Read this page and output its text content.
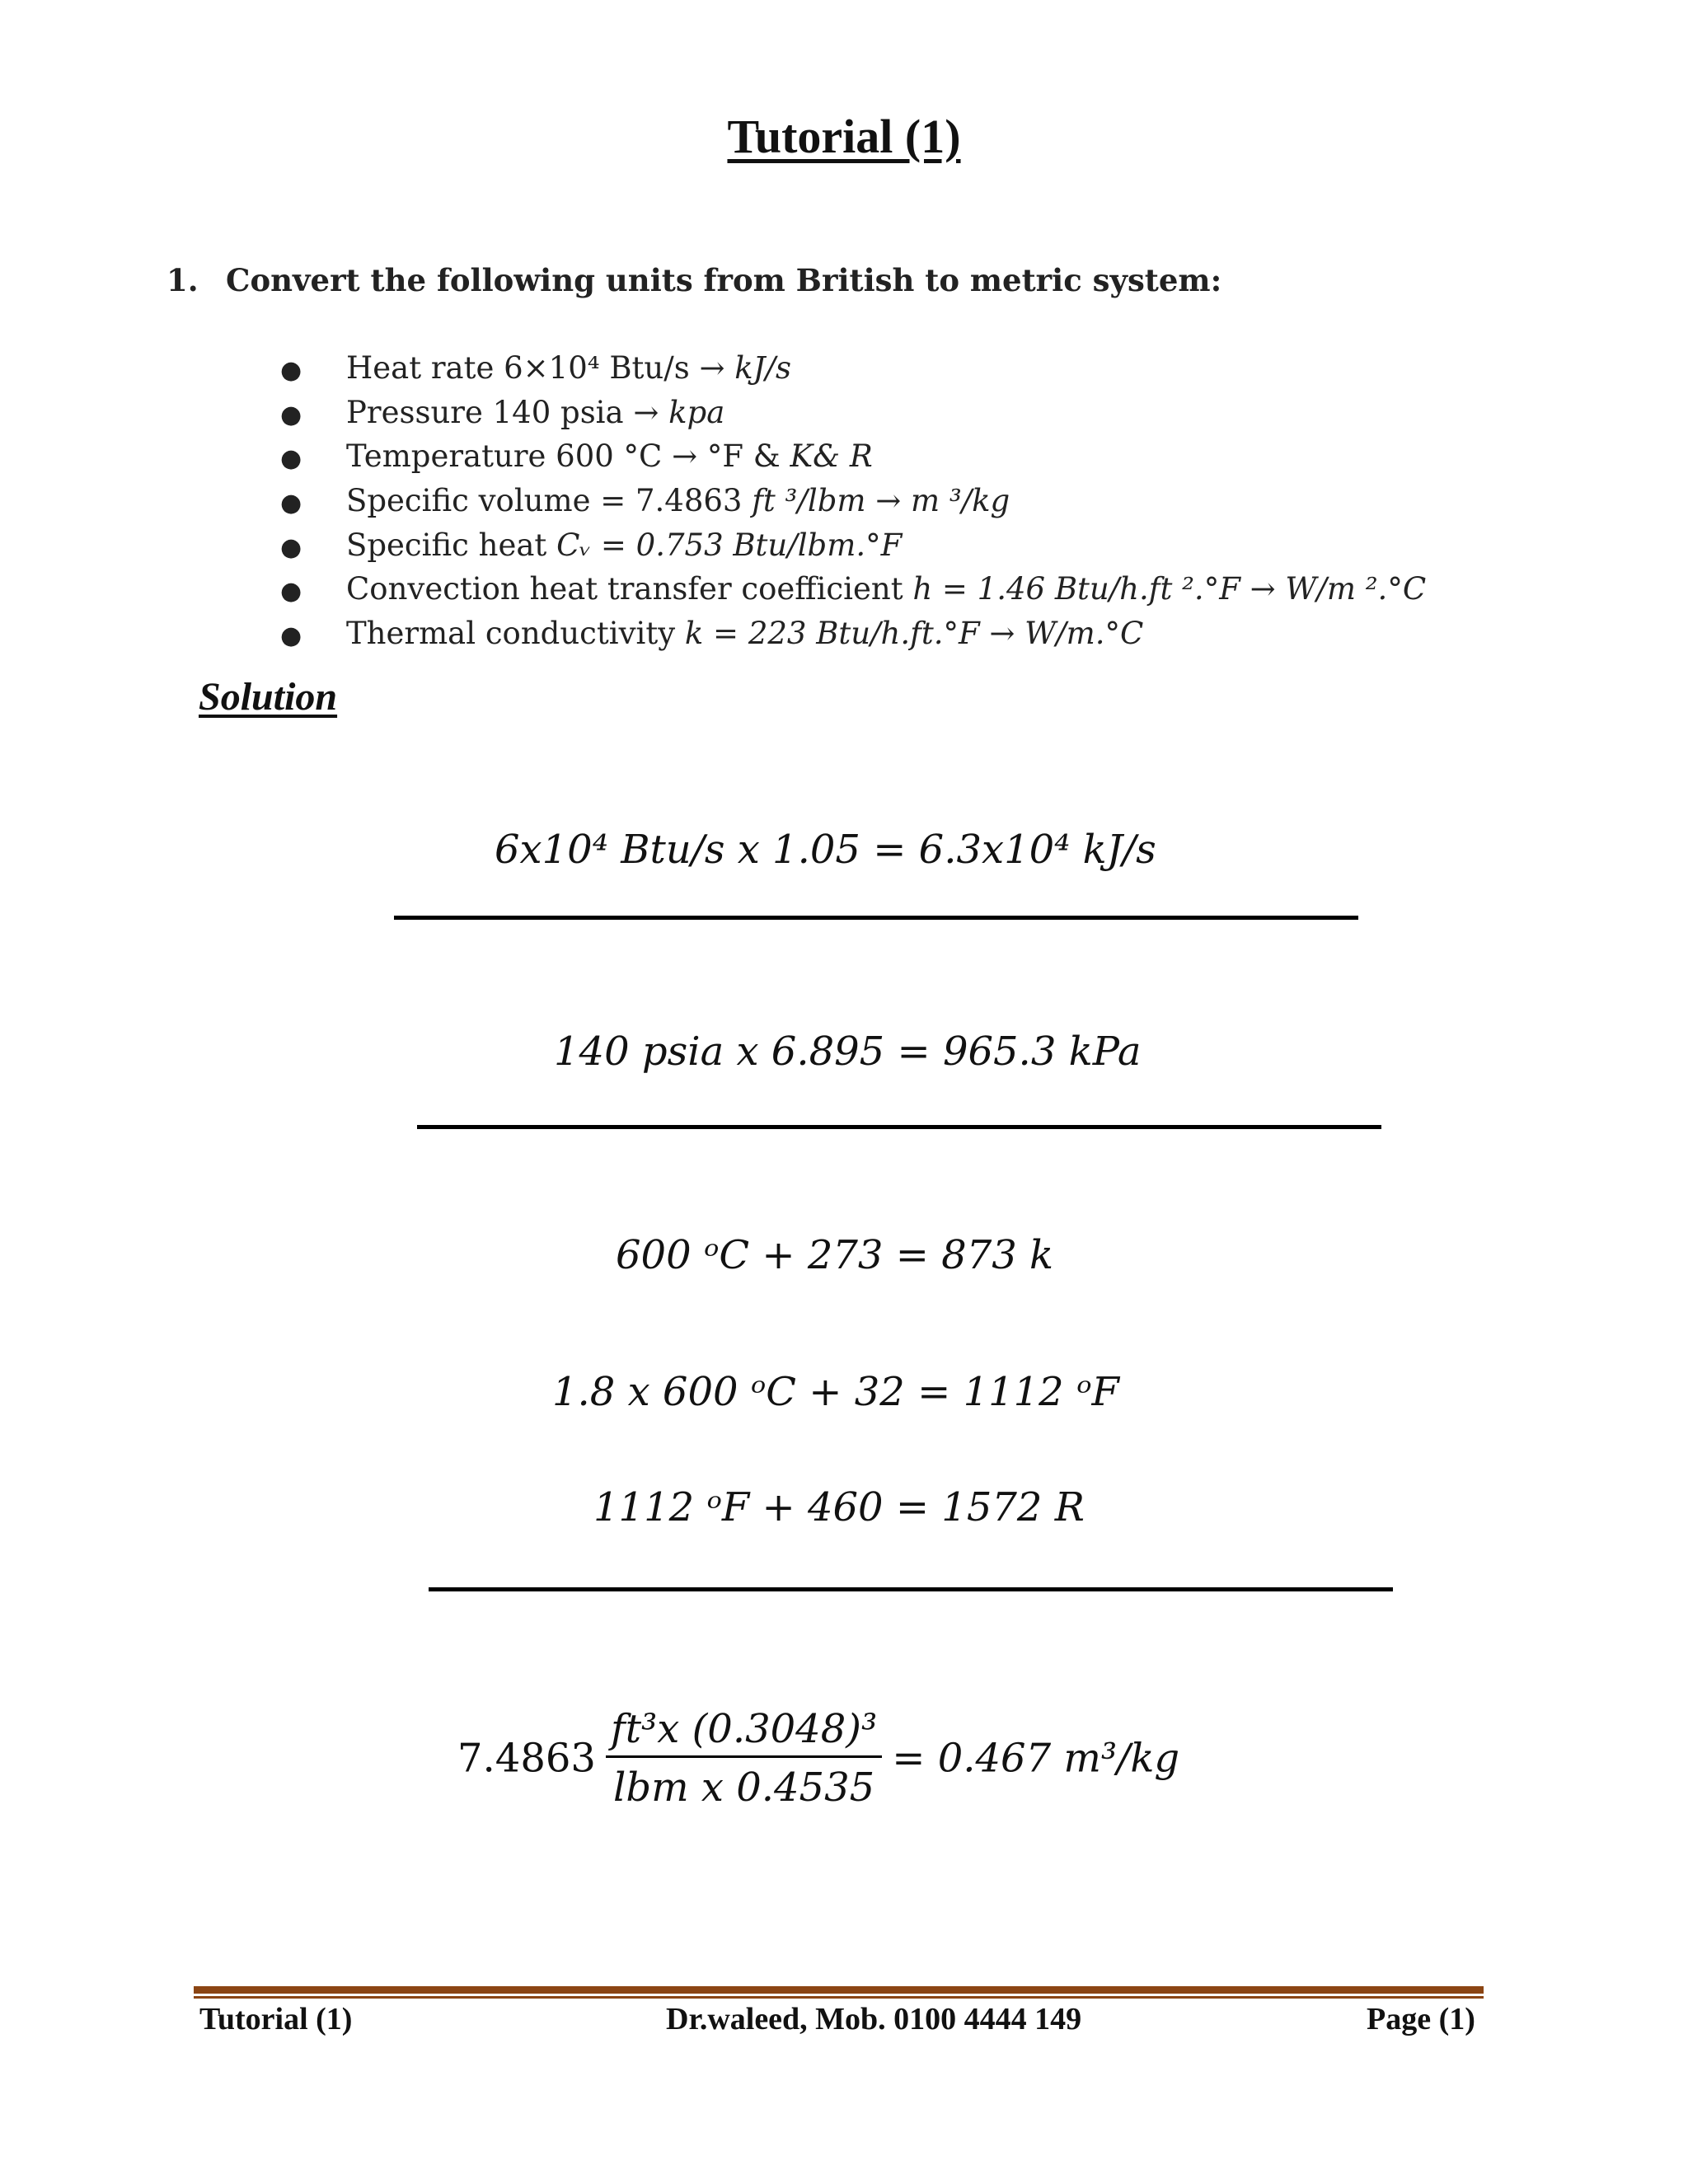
Tutorial (1)
1. Convert the following units from British to metric system:
● Heat rate 6×10⁴ Btu/s → kJ/s
● Pressure 140 psia → kpa
● Temperature 600 °C → °F & K& R
● Specific volume = 7.4863 ft ³/lbm → m ³/kg
● Specific heat Cᵥ = 0.753 Btu/lbm.°F
● Convection heat transfer coefficient h = 1.46 Btu/h.ft ².°F → W/m ².°C
● Thermal conductivity k = 223 Btu/h.ft.°F → W/m.°C
Solution
6x10⁴ Btu/s x 1.05 = 6.3x10⁴ kJ/s
140 psia x 6.895 = 965.3 kPa
600 ᵒC + 273 = 873 k
1.8 x 600 ᵒC + 32 = 1112 ᵒF
1112 ᵒF + 460 = 1572 R
$7.4863 \frac{\text{ft³x (0.3048)³}}{\text{lbm x 0.4535}} = 0.467$ m³/kg
Tutorial (1)	Dr.waleed, Mob. 0100 4444 149	Page (1)
